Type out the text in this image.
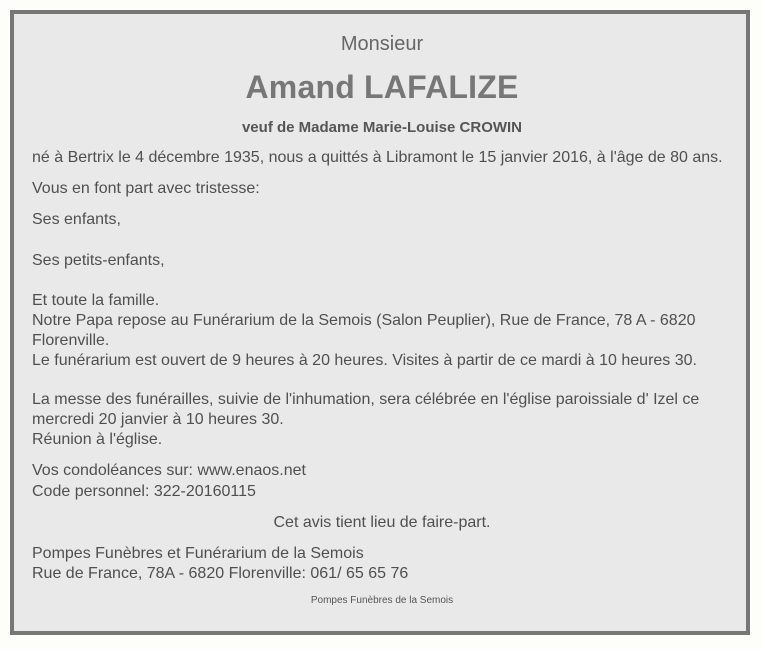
Monsieur
Amand LAFALIZE
veuf de Madame Marie-Louise CROWIN
né à Bertrix le 4 décembre 1935, nous a quittés à Libramont le 15 janvier 2016, à l'âge de 80 ans.
Vous en font part avec tristesse:
Ses enfants,
Ses petits-enfants,
Et toute la famille.
Notre Papa repose au Funérarium de la Semois (Salon Peuplier), Rue de France, 78 A - 6820
Florenville.
Le funérarium est ouvert de 9 heures à 20 heures. Visites à partir de ce mardi à 10 heures 30.
La messe des funérailles, suivie de l'inhumation, sera célébrée en l'église paroissiale d' Izel ce
mercredi 20 janvier à 10 heures 30.
Réunion à l'église.
Vos condoléances sur: www.enaos.net
Code personnel: 322-20160115
Cet avis tient lieu de faire-part.
Pompes Funèbres et Funérarium de la Semois
Rue de France, 78A - 6820 Florenville: 061/ 65 65 76
Pompes Funèbres de la Semois
